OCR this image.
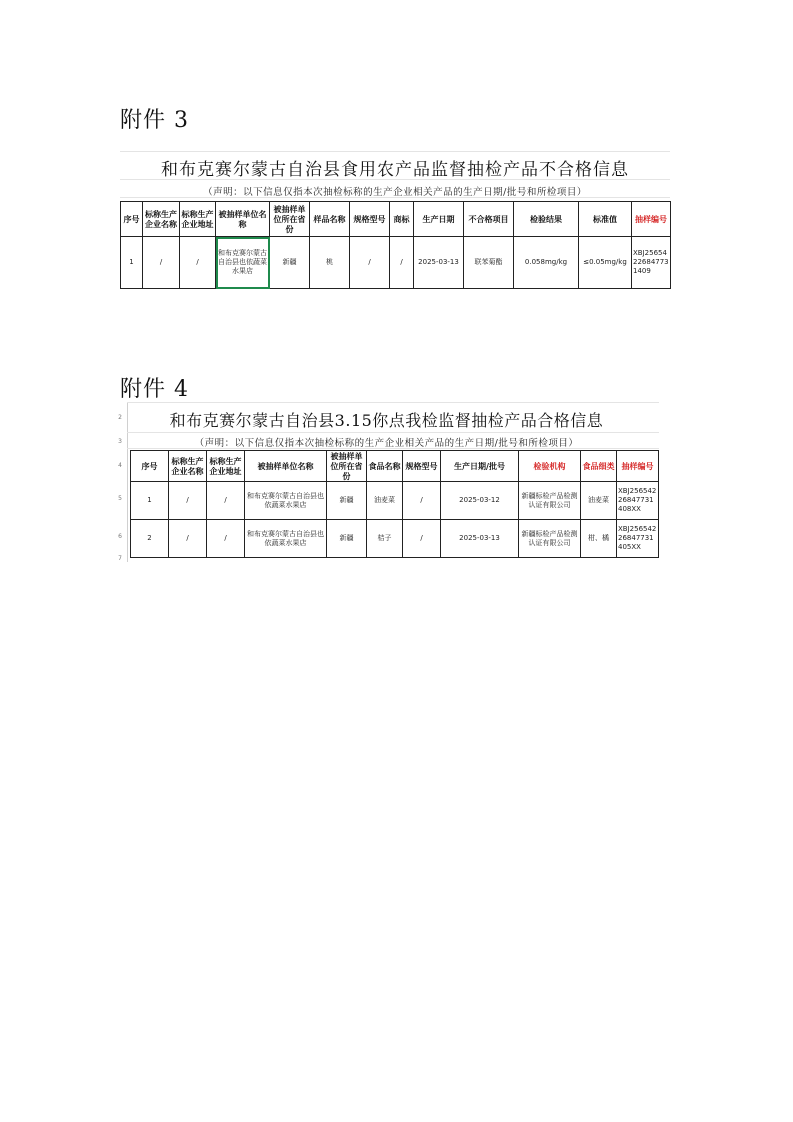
附件 3
和布克赛尔蒙古自治县食用农产品监督抽检产品不合格信息
（声明：以下信息仅指本次抽检标称的生产企业相关产品的生产日期/批号和所检项目）
序号	标称生产企业名称	标称生产企业地址	被抽样单位名称	被抽样单位所在省份	样品名称	规格型号	商标	生产日期	不合格项目	检验结果	标准值	抽样编号
1	/	/	和布克赛尔蒙古自治县也依蔬菜水果店	新疆	桃	/	/	2025-03-13	联苯菊酯	0.058mg/kg	≤0.05mg/kg	XBJ25654226847731409
附件 4
2
3
4
5
6
7
和布克赛尔蒙古自治县3.15你点我检监督抽检产品合格信息
（声明：以下信息仅指本次抽检标称的生产企业相关产品的生产日期/批号和所检项目）
序号	标称生产企业名称	标称生产企业地址	被抽样单位名称	被抽样单位所在省份	食品名称	规格型号	生产日期/批号	检验机构	食品细类	抽样编号
1	/	/	和布克赛尔蒙古自治县也依蔬菜水果店	新疆	油麦菜	/	2025-03-12	新疆标检产品检测认证有限公司	油麦菜	XBJ25654226847731408XX
2	/	/	和布克赛尔蒙古自治县也依蔬菜水果店	新疆	桔子	/	2025-03-13	新疆标检产品检测认证有限公司	柑、橘	XBJ25654226847731405XX
